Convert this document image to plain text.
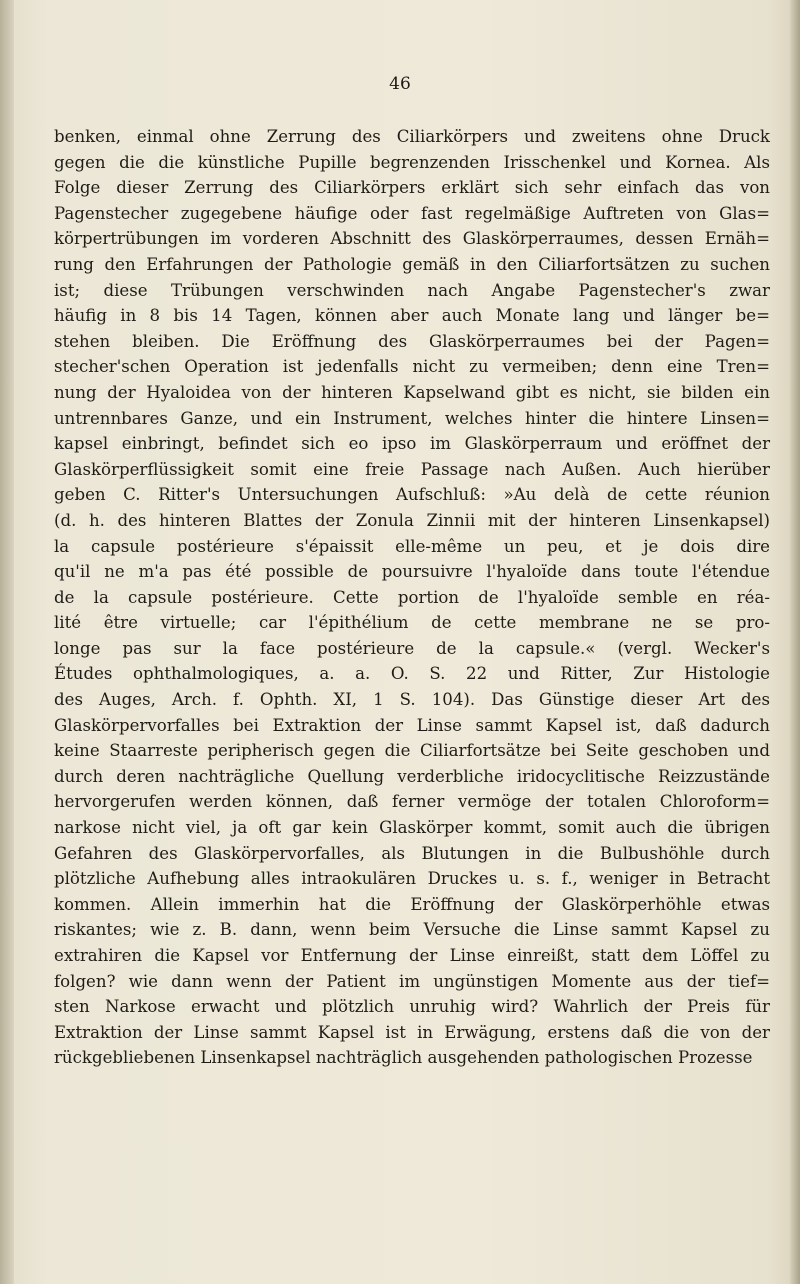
46
benken, einmal ohne Zerrung des Ciliarkörpers und zweitens ohne Druck
gegen die die künstliche Pupille begrenzenden Irisschenkel und Kornea. Als
Folge dieser Zerrung des Ciliarkörpers erklärt sich sehr einfach das von
Pagenstecher zugegebene häufige oder fast regelmäßige Auftreten von Glas=
körpertrübungen im vorderen Abschnitt des Glaskörperraumes, dessen Ernäh=
rung den Erfahrungen der Pathologie gemäß in den Ciliarfortsätzen zu suchen
ist; diese Trübungen verschwinden nach Angabe Pagenstecher's zwar
häufig in 8 bis 14 Tagen, können aber auch Monate lang und länger be=
stehen bleiben. Die Eröffnung des Glaskörperraumes bei der Pagen=
stecher'schen Operation ist jedenfalls nicht zu vermeiben; denn eine Tren=
nung der Hyaloidea von der hinteren Kapselwand gibt es nicht, sie bilden ein
untrennbares Ganze, und ein Instrument, welches hinter die hintere Linsen=
kapsel einbringt, befindet sich eo ipso im Glaskörperraum und eröffnet der
Glaskörperflüssigkeit somit eine freie Passage nach Außen. Auch hierüber
geben C. Ritter's Untersuchungen Aufschluß: »Au delà de cette réunion
(d. h. des hinteren Blattes der Zonula Zinnii mit der hinteren Linsenkapsel)
la capsule postérieure s'épaissit elle-même un peu, et je dois dire
qu'il ne m'a pas été possible de poursuivre l'hyaloïde dans toute l'étendue
de la capsule postérieure. Cette portion de l'hyaloïde semble en réa-
lité être virtuelle; car l'épithélium de cette membrane ne se pro-
longe pas sur la face postérieure de la capsule.« (vergl. Wecker's
Études ophthalmologiques, a. a. O. S. 22 und Ritter, Zur Histologie
des Auges, Arch. f. Ophth. XI, 1 S. 104). Das Günstige dieser Art des
Glaskörpervorfalles bei Extraktion der Linse sammt Kapsel ist, daß dadurch
keine Staarreste peripherisch gegen die Ciliarfortsätze bei Seite geschoben und
durch deren nachträgliche Quellung verderbliche iridocyclitische Reizzustände
hervorgerufen werden können, daß ferner vermöge der totalen Chloroform=
narkose nicht viel, ja oft gar kein Glaskörper kommt, somit auch die übrigen
Gefahren des Glaskörpervorfalles, als Blutungen in die Bulbushöhle durch
plötzliche Aufhebung alles intraokulären Druckes u. s. f., weniger in Betracht
kommen. Allein immerhin hat die Eröffnung der Glaskörperhöhle etwas
riskantes; wie z. B. dann, wenn beim Versuche die Linse sammt Kapsel zu
extrahiren die Kapsel vor Entfernung der Linse einreißt, statt dem Löffel zu
folgen? wie dann wenn der Patient im ungünstigen Momente aus der tief=
sten Narkose erwacht und plötzlich unruhig wird? Wahrlich der Preis für
Extraktion der Linse sammt Kapsel ist in Erwägung, erstens daß die von der
rückgebliebenen Linsenkapsel nachträglich ausgehenden pathologischen Prozesse
